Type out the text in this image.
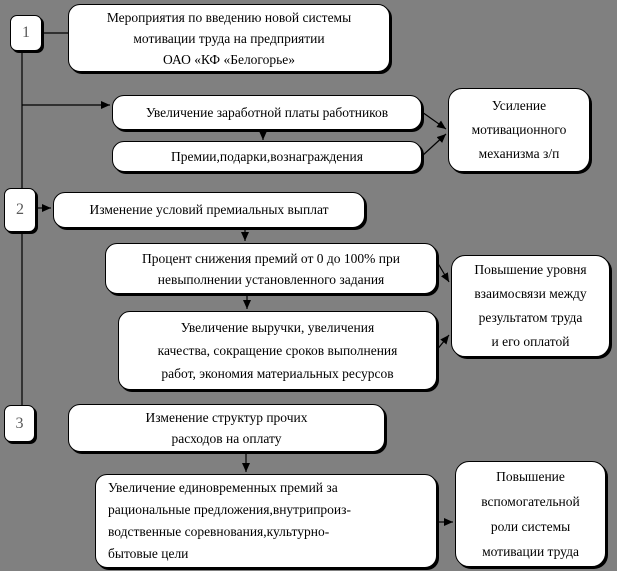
1
Мероприятия по введению новой системы
мотивации труда на предприятии
ОАО «КФ «Белогорье»
Увеличение заработной платы работников
Премии,подарки,вознаграждения
Усиление
мотивационного
механизма з/п
2	Изменение условий премиальных выплат
Процент снижения премий от 0 до 100% при
невыполнении установленного задания
Увеличение выручки, увеличения
качества, сокращение сроков выполнения
работ, экономия материальных ресурсов
Повышение уровня
взаимосвязи между
результатом труда
и его оплатой
3	Изменение структур прочих
расходов на оплату
Увеличение единовременных премий за
рациональные предложения,внутрипроиз-
водственные соревнования,культурно-
бытовые цели
Повышение
вспомогательной
роли системы
мотивации труда
